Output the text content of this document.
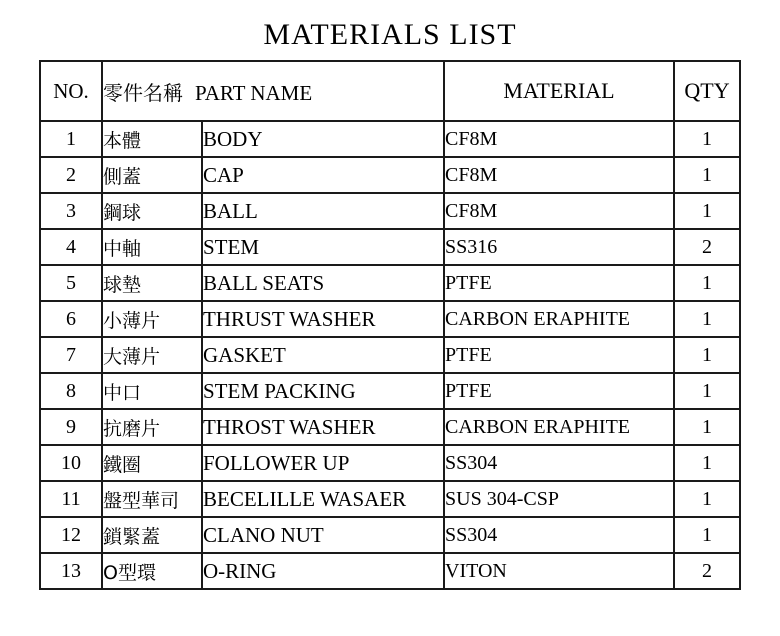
MATERIALS LIST
NO.	零件名稱 PART NAME		MATERIAL	QTY
1	本體	BODY	CF8M	1
2	側蓋	CAP	CF8M	1
3	鋼球	BALL	CF8M	1
4	中軸	STEM	SS316	2
5	球墊	BALL SEATS	PTFE	1
6	小薄片	THRUST WASHER	CARBON ERAPHITE	1
7	大薄片	GASKET	PTFE	1
8	中口	STEM PACKING	PTFE	1
9	抗磨片	THROST WASHER	CARBON ERAPHITE	1
10	鐵圈	FOLLOWER UP	SS304	1
11	盤型華司	BECELILLE WASAER	SUS 304-CSP	1
12	鎖緊蓋	CLANO NUT	SS304	1
13	O型環	O-RING	VITON	2
